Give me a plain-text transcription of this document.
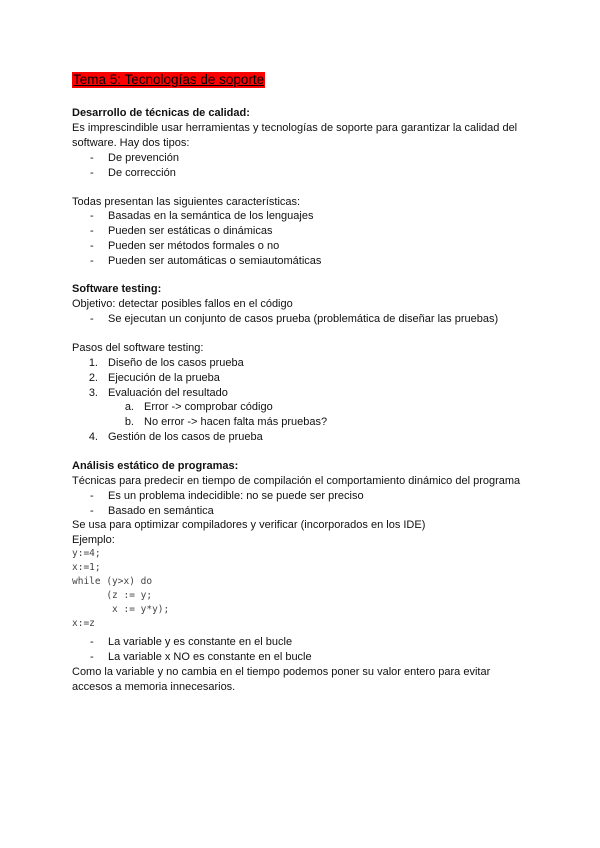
Tema 5: Tecnologías de soporte
Desarrollo de técnicas de calidad:
Es imprescindible usar herramientas y tecnologías de soporte para garantizar la calidad del
software. Hay dos tipos:
- De prevención
- De corrección
Todas presentan las siguientes características:
- Basadas en la semántica de los lenguajes
- Pueden ser estáticas o dinámicas
- Pueden ser métodos formales o no
- Pueden ser automáticas o semiautomáticas
Software testing:
Objetivo: detectar posibles fallos en el código
- Se ejecutan un conjunto de casos prueba (problemática de diseñar las pruebas)
Pasos del software testing:
1. Diseño de los casos prueba
2. Ejecución de la prueba
3. Evaluación del resultado
a. Error -> comprobar código
b. No error -> hacen falta más pruebas?
4. Gestión de los casos de prueba
Análisis estático de programas:
Técnicas para predecir en tiempo de compilación el comportamiento dinámico del programa
- Es un problema indecidible: no se puede ser preciso
- Basado en semántica
Se usa para optimizar compiladores y verificar (incorporados en los IDE)
Ejemplo:
y:=4;
x:=1;
while (y>x) do
(z := y;
x := y*y);
x:=z
- La variable y es constante en el bucle
- La variable x NO es constante en el bucle
Como la variable y no cambia en el tiempo podemos poner su valor entero para evitar
accesos a memoria innecesarios.
